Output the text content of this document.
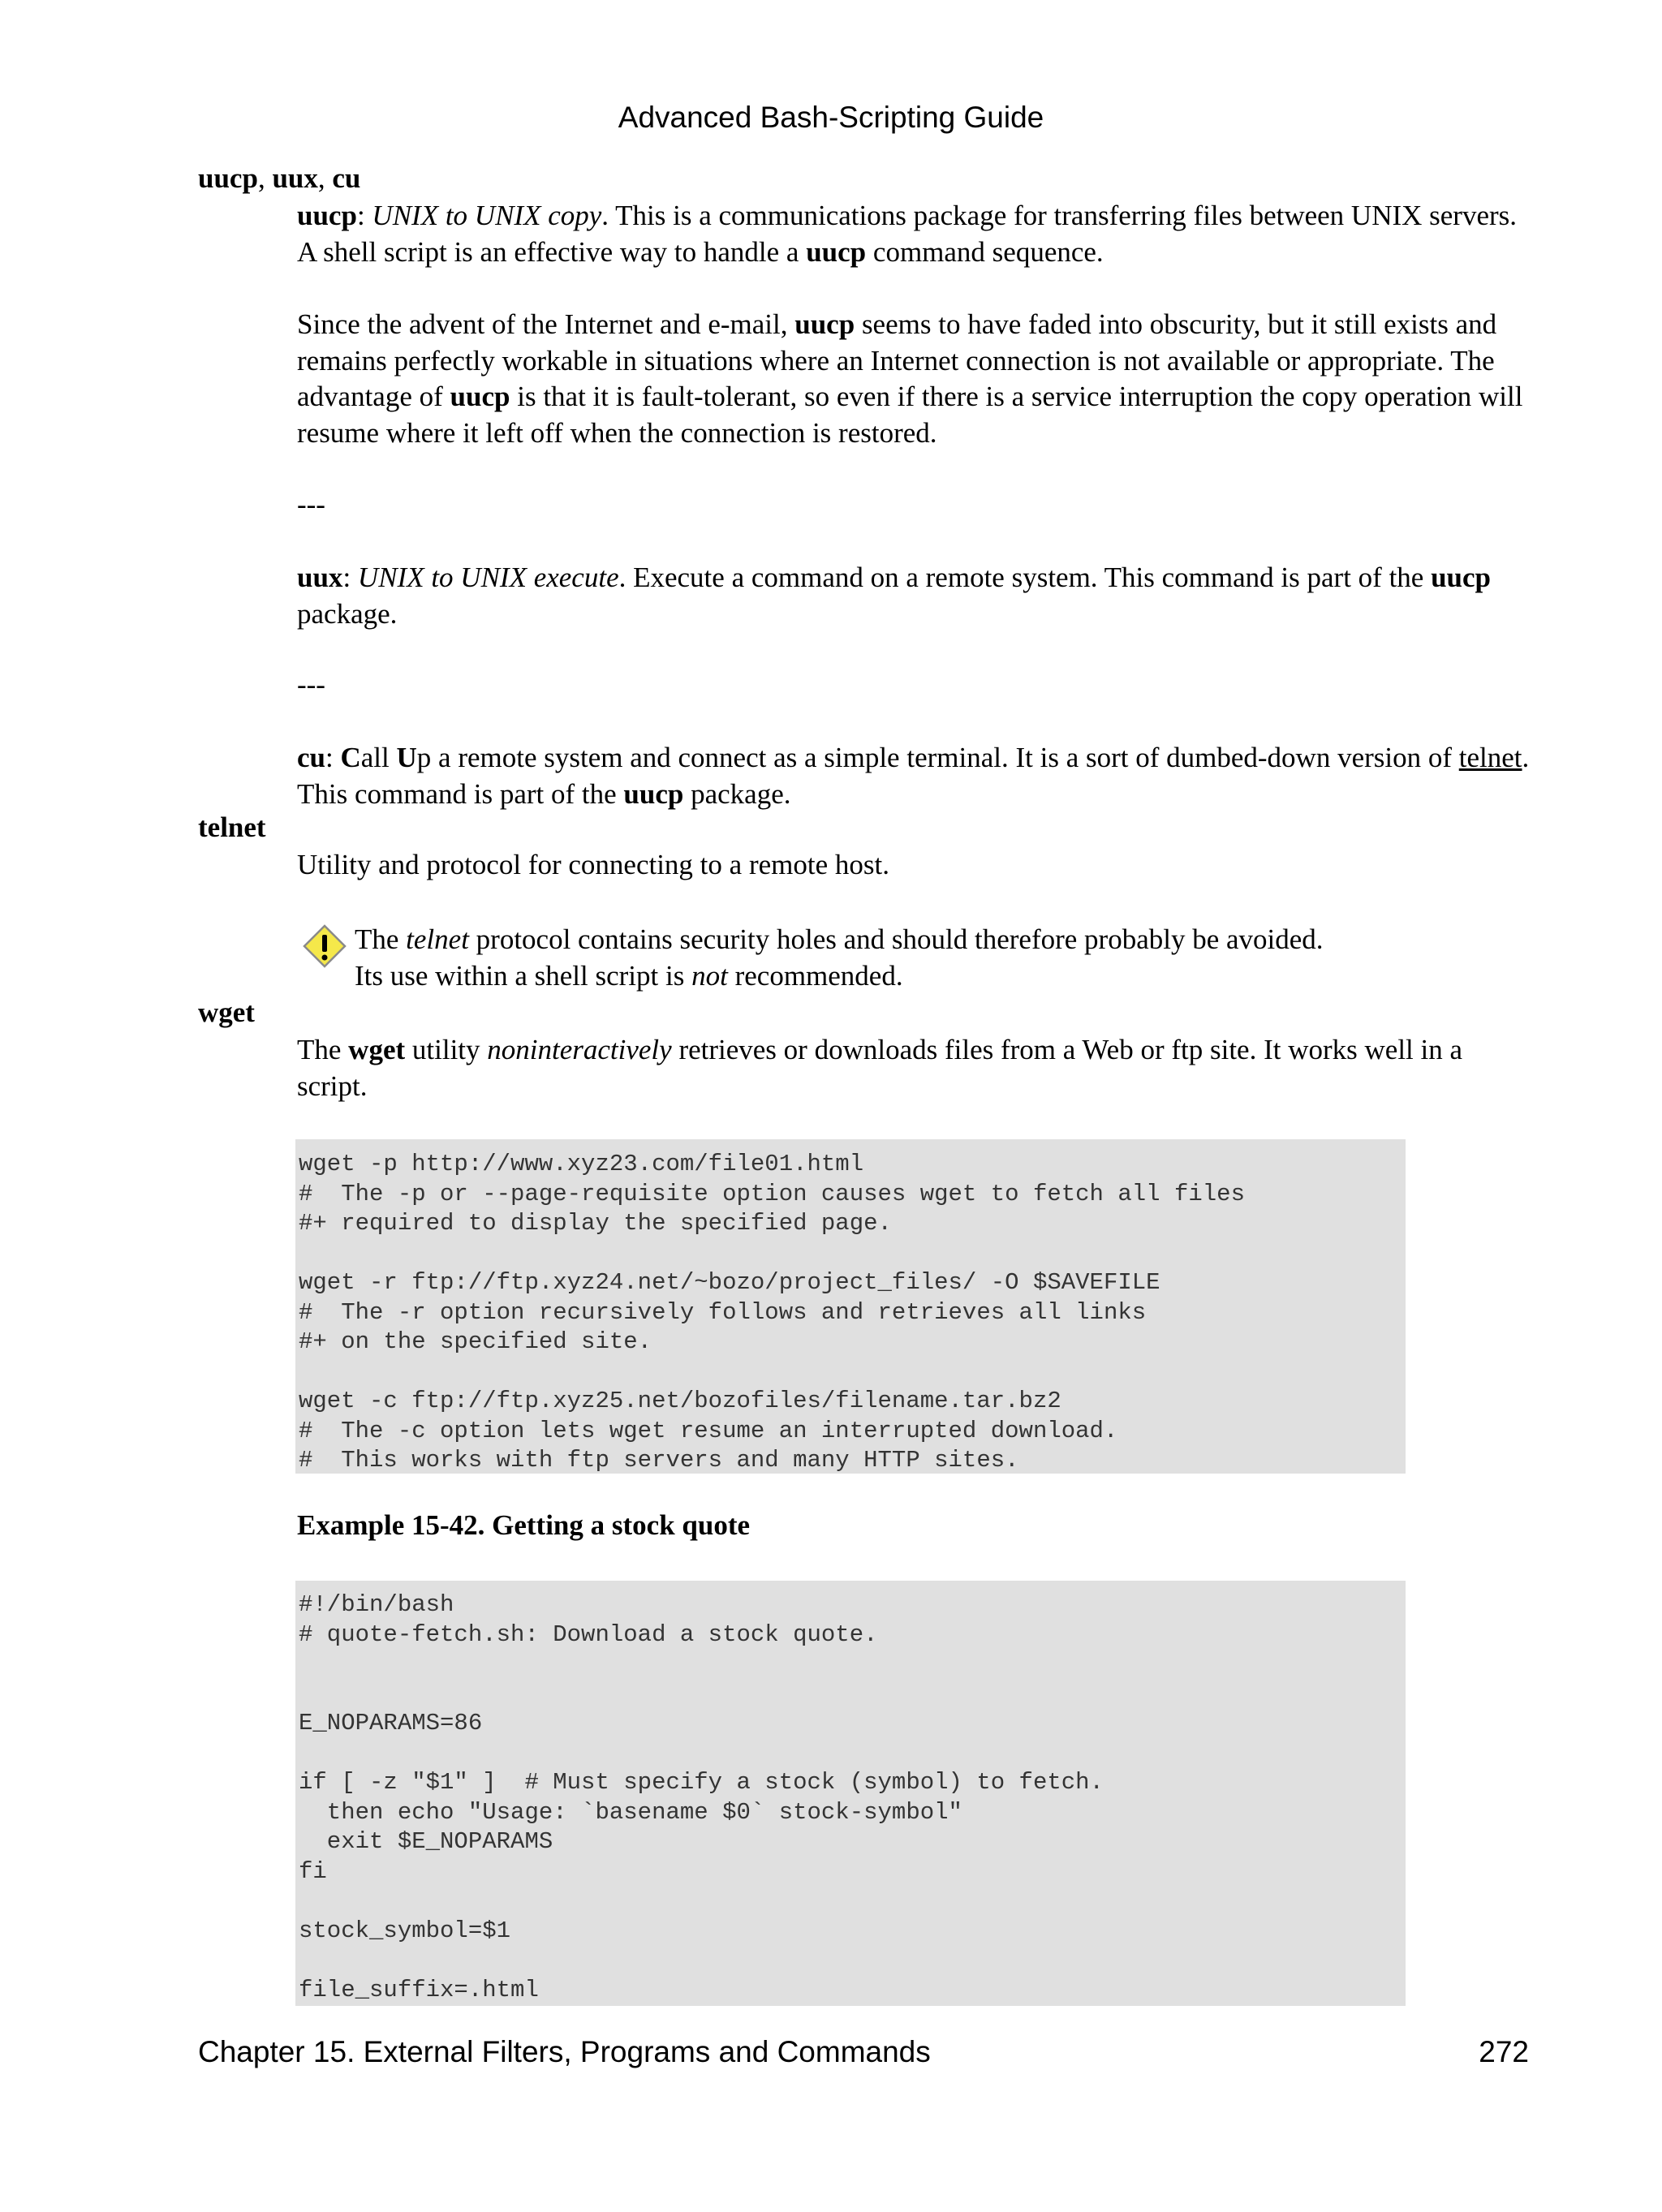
Advanced Bash-Scripting Guide
uucp, uux, cu

uucp: UNIX to UNIX copy. This is a communications package for transferring files between UNIX servers. A shell script is an effective way to handle a uucp command sequence.

Since the advent of the Internet and e-mail, uucp seems to have faded into obscurity, but it still exists and remains perfectly workable in situations where an Internet connection is not available or appropriate. The advantage of uucp is that it is fault-tolerant, so even if there is a service interruption the copy operation will resume where it left off when the connection is restored.

---

uux: UNIX to UNIX execute. Execute a command on a remote system. This command is part of the uucp package.

---

cu: Call Up a remote system and connect as a simple terminal. It is a sort of dumbed-down version of telnet. This command is part of the uucp package.

telnet

Utility and protocol for connecting to a remote host.

The telnet protocol contains security holes and should therefore probably be avoided.
Its use within a shell script is not recommended.
wget

The wget utility noninteractively retrieves or downloads files from a Web or ftp site. It works well in a script.

wget -p http://www.xyz23.com/file01.html
#  The -p or --page-requisite option causes wget to fetch all files
#+ required to display the specified page.
wget -r ftp://ftp.xyz24.net/~bozo/project_files/ -O $SAVEFILE
#  The -r option recursively follows and retrieves all links
#+ on the specified site.
wget -c ftp://ftp.xyz25.net/bozofiles/filename.tar.bz2
#  The -c option lets wget resume an interrupted download.
#  This works with ftp servers and many HTTP sites.
Example 15-42. Getting a stock quote
#!/bin/bash
# quote-fetch.sh: Download a stock quote.
E_NOPARAMS=86
if [ -z "$1" ]  # Must specify a stock (symbol) to fetch.
then echo "Usage: `basename $0` stock-symbol"
exit $E_NOPARAMS
fi
stock_symbol=$1
file_suffix=.html
Chapter 15. External Filters, Programs and Commands	272
